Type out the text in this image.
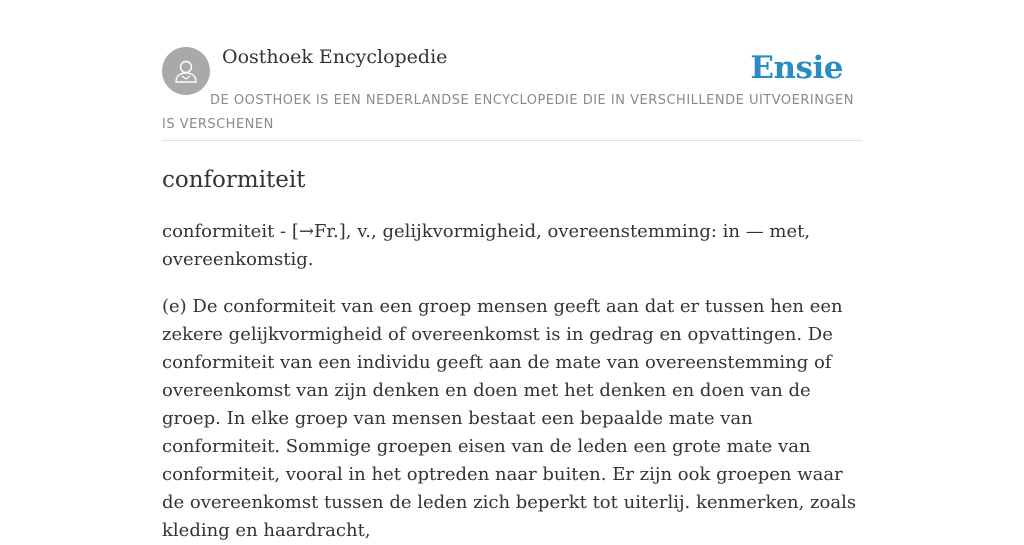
Oosthoek Encyclopedie	Ensie
DE OOSTHOEK IS EEN NEDERLANDSE ENCYCLOPEDIE DIE IN VERSCHILLENDE UITVOERINGEN IS VERSCHENEN
conformiteit

conformiteit - [→Fr.], v., gelijkvormigheid, overeenstemming: in — met, overeenkomstig.

(e) De conformiteit van een groep mensen geeft aan dat er tussen hen een zekere gelijkvormigheid of overeenkomst is in gedrag en opvattingen. De conformiteit van een individu geeft aan de mate van overeenstemming of overeenkomst van zijn denken en doen met het denken en doen van de groep. In elke groep van mensen bestaat een bepaalde mate van conformiteit. Sommige groepen eisen van de leden een grote mate van conformiteit, vooral in het optreden naar buiten. Er zijn ook groepen waar de overeenkomst tussen de leden zich beperkt tot uiterlij. kenmerken, zoals kleding en haardracht,
